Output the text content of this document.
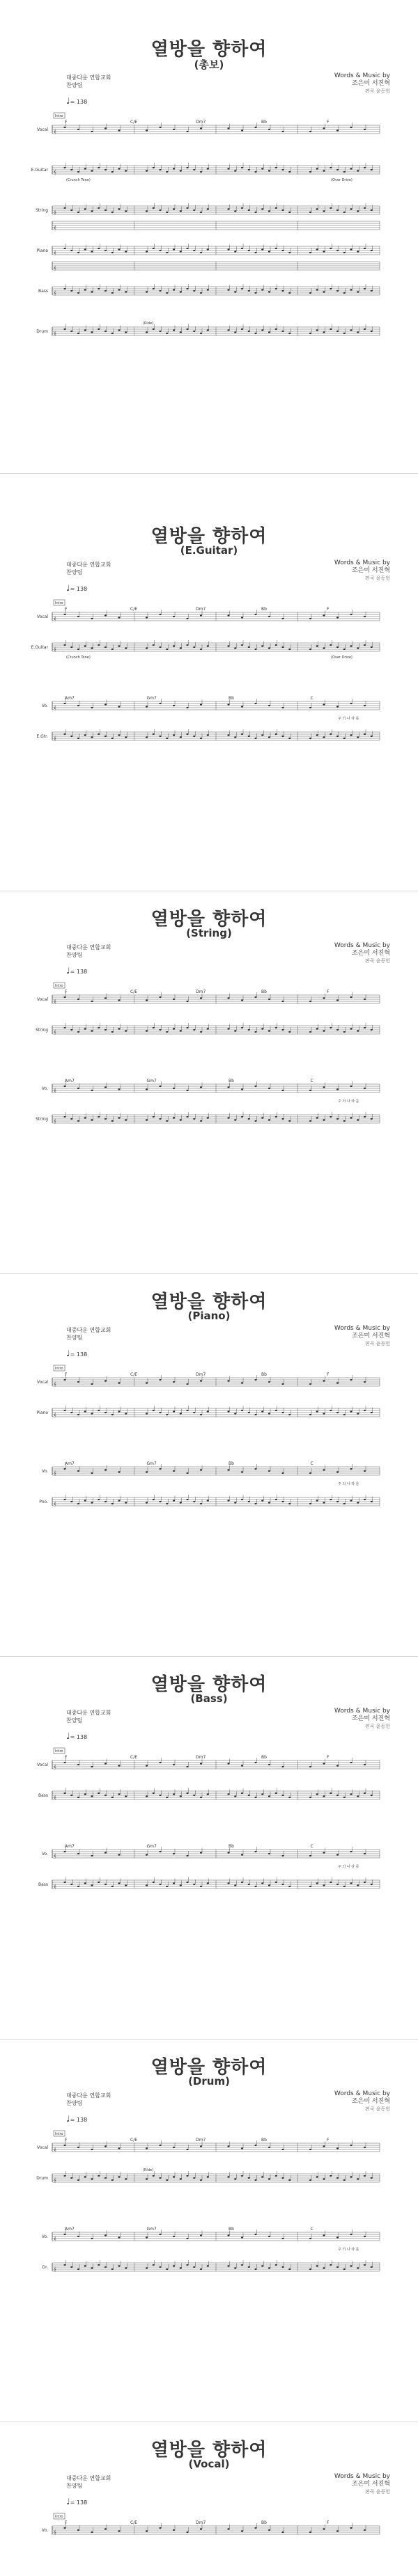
열방을 향하여
(총보)
대중다운 연합교회
찬양팀
Words & Music by
조은미 서진혁
편곡 윤동헌
♩= 138
Intro
F	C/E	Dm7	Bb	F
Vocal 𝄞
E.Guitar 𝄞
(Crunch Tone)	(Over Drive)
String 𝄞
𝄞
Piano 𝄞
𝄞
Bass 𝄞
Drum 𝄞
(Ride)
열방을 향하여
(E.Guitar)
대중다운 연합교회
찬양팀
Words & Music by
조은미 서진혁
편곡 윤동헌
♩= 138
Intro
F	C/E	Dm7	Bb	F
Vocal 𝄞
E.Guitar 𝄞
(Crunch Tone)	(Over Drive)
Am7	Gm7	Bb	C
Vo. 𝄞
주 의 나 라 를
E.Gtr. 𝄞
열방을 향하여
(String)
대중다운 연합교회
찬양팀
Words & Music by
조은미 서진혁
편곡 윤동헌
♩= 138
Intro
F	C/E	Dm7	Bb	F
Vocal 𝄞
String 𝄞
Am7	Gm7	Bb	C
Vo. 𝄞
주 의 나 라 를
String 𝄞
열방을 향하여
(Piano)
대중다운 연합교회
찬양팀
Words & Music by
조은미 서진혁
편곡 윤동헌
♩= 138
Intro
F	C/E	Dm7	Bb	F
Vocal 𝄞
Piano 𝄞
Am7	Gm7	Bb	C
Vo. 𝄞
주 의 나 라 를
Pno. 𝄞
열방을 향하여
(Bass)
대중다운 연합교회
찬양팀
Words & Music by
조은미 서진혁
편곡 윤동헌
♩= 138
Intro
F	C/E	Dm7	Bb	F
Vocal 𝄞
Bass 𝄞
Am7	Gm7	Bb	C
Vo. 𝄞
주 의 나 라 를
Bass 𝄞
열방을 향하여
(Drum)
대중다운 연합교회
찬양팀
Words & Music by
조은미 서진혁
편곡 윤동헌
♩= 138
Intro
F	C/E	Dm7	Bb	F
Vocal 𝄞
Drum 𝄞
(Ride)
Am7	Gm7	Bb	C
Vo. 𝄞
주 의 나 라 를
Dr. 𝄞
열방을 향하여
(Vocal)
대중다운 연합교회
찬양팀
Words & Music by
조은미 서진혁
편곡 윤동헌
♩= 138
Intro
F	C/E	Dm7	Bb	F
Vo. 𝄞
